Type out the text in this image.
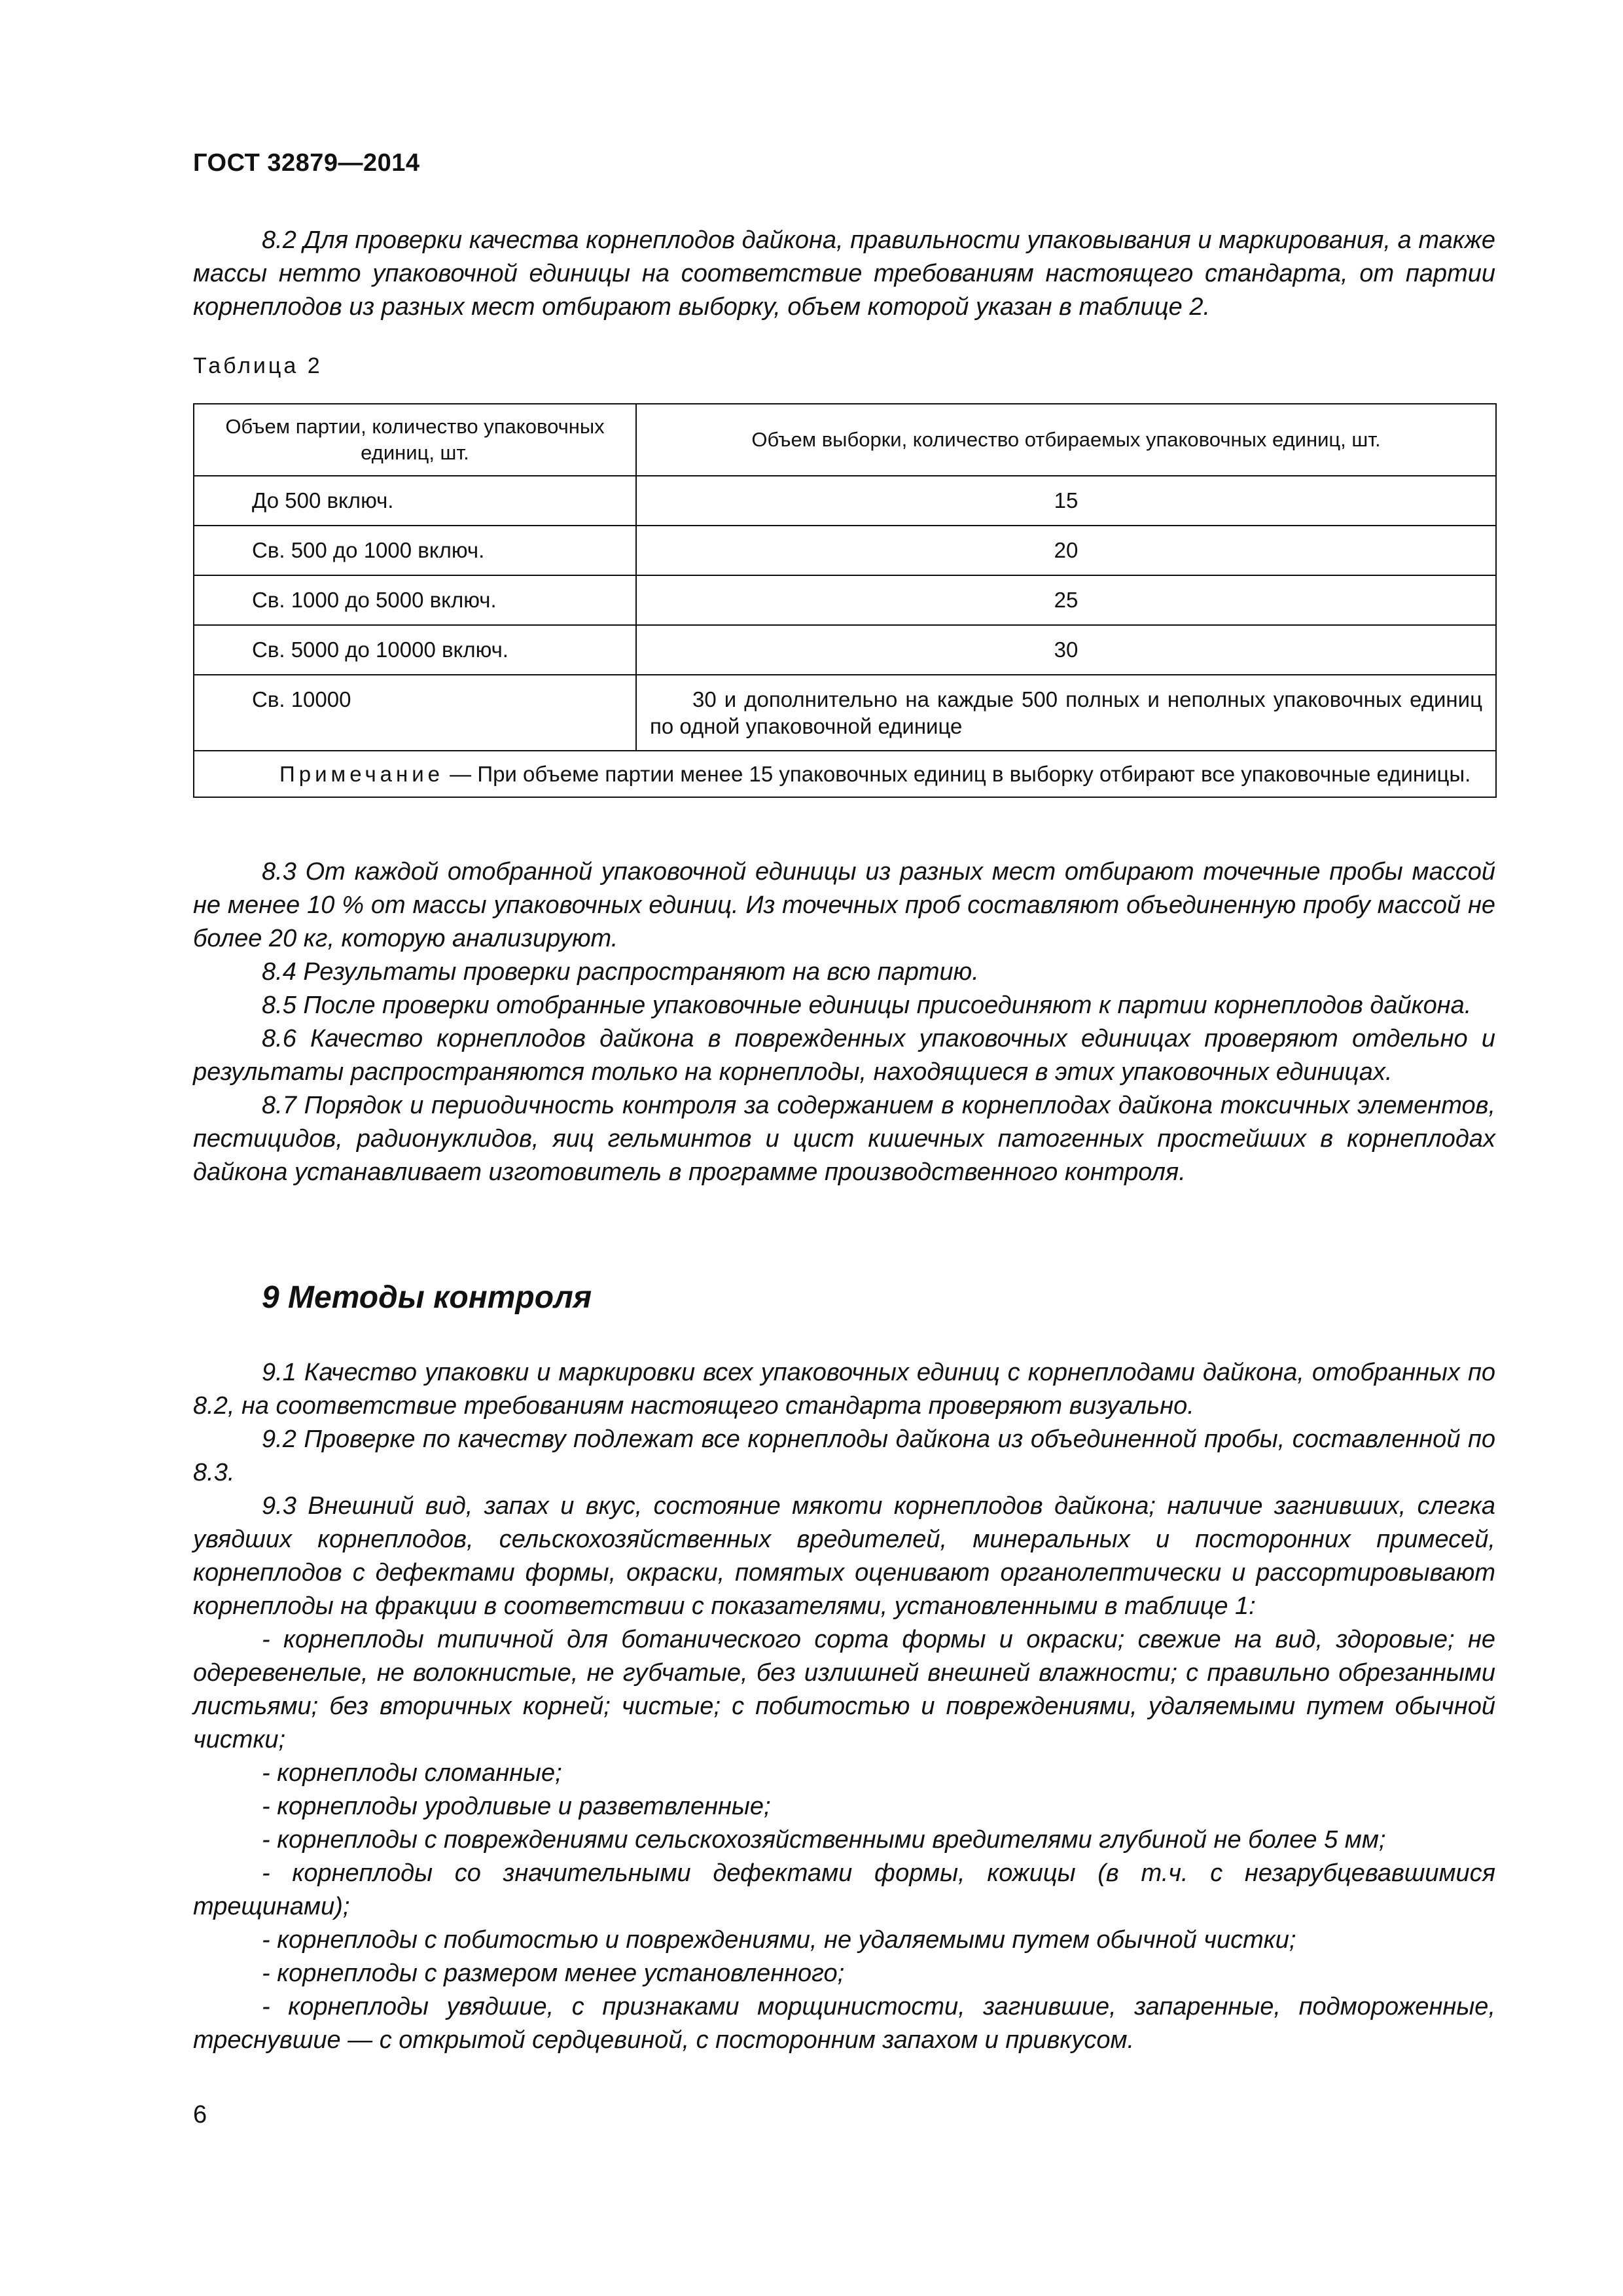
ГОСТ 32879—2014

8.2 Для проверки качества корнеплодов дайкона, правильности упаковывания и маркирования, а также массы нетто упаковочной единицы на соответствие требованиям настоящего стандарта, от партии корнеплодов из разных мест отбирают выборку, объем которой указан в таблице 2.

Таблица 2
Объем партии, количество упаковочных единиц, шт.	Объем выборки, количество отбираемых упаковочных единиц, шт.
До 500 включ.	15
Св. 500 до 1000 включ.	20
Св. 1000 до 5000 включ.	25
Св. 5000 до 10000 включ.	30
Св. 10000	30 и дополнительно на каждые 500 полных и неполных упаковочных единиц по одной упаковочной единице
Примечание — При объеме партии менее 15 упаковочных единиц в выборку отбирают все упаковочные единицы.	

8.3 От каждой отобранной упаковочной единицы из разных мест отбирают точечные пробы массой не менее 10 % от массы упаковочных единиц. Из точечных проб составляют объединенную пробу массой не более 20 кг, которую анализируют.

8.4 Результаты проверки распространяют на всю партию.

8.5 После проверки отобранные упаковочные единицы присоединяют к партии корнеплодов дайкона.

8.6 Качество корнеплодов дайкона в поврежденных упаковочных единицах проверяют отдельно и результаты распространяются только на корнеплоды, находящиеся в этих упаковочных единицах.

8.7 Порядок и периодичность контроля за содержанием в корнеплодах дайкона токсичных элементов, пестицидов, радионуклидов, яиц гельминтов и цист кишечных патогенных простейших в корнеплодах дайкона устанавливает изготовитель в программе производственного контроля.

9 Методы контроля

9.1 Качество упаковки и маркировки всех упаковочных единиц с корнеплодами дайкона, отобранных по 8.2, на соответствие требованиям настоящего стандарта проверяют визуально.

9.2 Проверке по качеству подлежат все корнеплоды дайкона из объединенной пробы, составленной по 8.3.

9.3 Внешний вид, запах и вкус, состояние мякоти корнеплодов дайкона; наличие загнивших, слегка увядших корнеплодов, сельскохозяйственных вредителей, минеральных и посторонних примесей, корнеплодов с дефектами формы, окраски, помятых оценивают органолептически и рассортировывают корнеплоды на фракции в соответствии с показателями, установленными в таблице 1:

- корнеплоды типичной для ботанического сорта формы и окраски; свежие на вид, здоровые; не одеревенелые, не волокнистые, не губчатые, без излишней внешней влажности; с правильно обрезанными листьями; без вторичных корней; чистые; с побитостью и повреждениями, удаляемыми путем обычной чистки;

- корнеплоды сломанные;

- корнеплоды уродливые и разветвленные;

- корнеплоды с повреждениями сельскохозяйственными вредителями глубиной не более 5 мм;

- корнеплоды со значительными дефектами формы, кожицы (в т.ч. с незарубцевавшимися трещинами);

- корнеплоды с побитостью и повреждениями, не удаляемыми путем обычной чистки;

- корнеплоды с размером менее установленного;

- корнеплоды увядшие, с признаками морщинистости, загнившие, запаренные, подмороженные, треснувшие — с открытой сердцевиной, с посторонним запахом и привкусом.

6
